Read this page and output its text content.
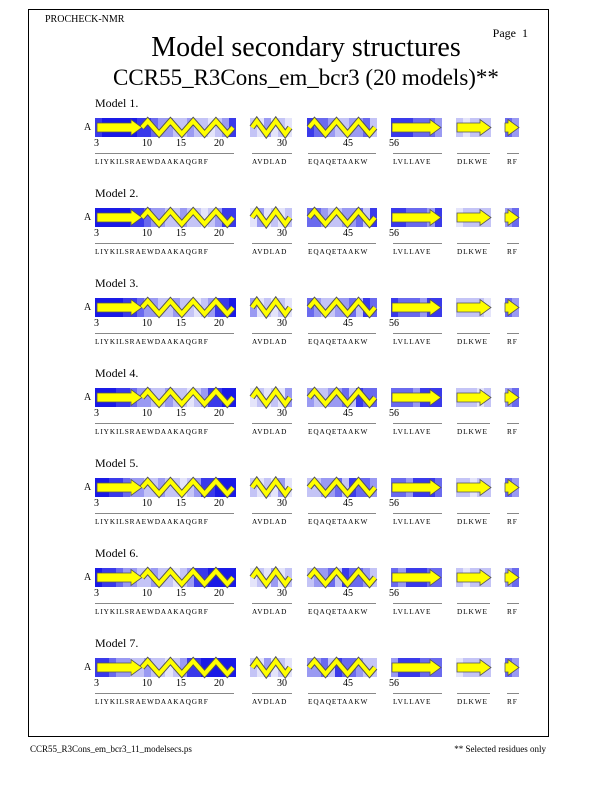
PROCHECK-NMR
Page 1
Model secondary structures
CCR55_R3Cons_em_bcr3 (20 models)**
Model 1.
A
3	10 15	20	30	45	56
LIYKILSRAEWDAAKAQGRF	AVDLAD	EQAQETAAKW	LVLLAVE	DLKWE	RF
Model 2.
A
3	10 15	20	30	45	56
LIYKILSRAEWDAAKAQGRF	AVDLAD	EQAQETAAKW	LVLLAVE	DLKWE	RF
Model 3.
A
3	10 15	20	30	45	56
LIYKILSRAEWDAAKAQGRF	AVDLAD	EQAQETAAKW	LVLLAVE	DLKWE	RF
Model 4.
A
3	10 15	20	30	45	56
LIYKILSRAEWDAAKAQGRF	AVDLAD	EQAQETAAKW	LVLLAVE	DLKWE	RF
Model 5.
A
3	10 15	20	30	45	56
LIYKILSRAEWDAAKAQGRF	AVDLAD	EQAQETAAKW	LVLLAVE	DLKWE	RF
Model 6.
A
3	10 15	20	30	45	56
LIYKILSRAEWDAAKAQGRF	AVDLAD	EQAQETAAKW	LVLLAVE	DLKWE	RF
Model 7.
A
3	10 15	20	30	45	56
LIYKILSRAEWDAAKAQGRF	AVDLAD	EQAQETAAKW	LVLLAVE	DLKWE	RF
CCR55_R3Cons_em_bcr3_11_modelsecs.ps	** Selected residues only
